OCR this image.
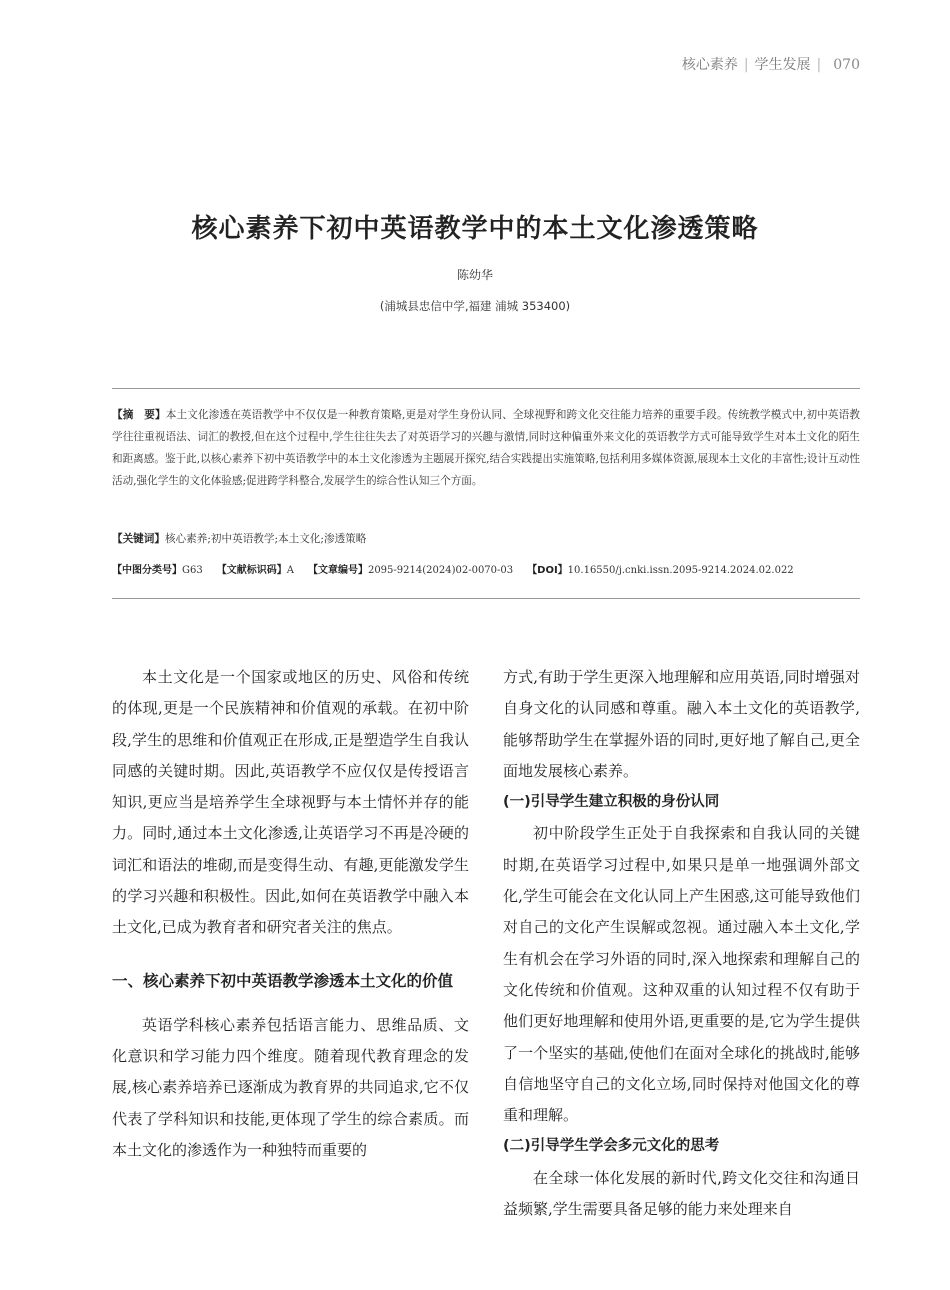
核心素养 | 学生发展 | 070
核心素养下初中英语教学中的本土文化渗透策略
陈幼华
(浦城县忠信中学,福建 浦城 353400)
【摘　要】本土文化渗透在英语教学中不仅仅是一种教育策略,更是对学生身份认同、全球视野和跨文化交往能力培养的重要手段。传统教学模式中,初中英语教学往往重视语法、词汇的教授,但在这个过程中,学生往往失去了对英语学习的兴趣与激情,同时这种偏重外来文化的英语教学方式可能导致学生对本土文化的陌生和距离感。鉴于此,以核心素养下初中英语教学中的本土文化渗透为主题展开探究,结合实践提出实施策略,包括利用多媒体资源,展现本土文化的丰富性;设计互动性活动,强化学生的文化体验感;促进跨学科整合,发展学生的综合性认知三个方面。
【关键词】核心素养;初中英语教学;本土文化;渗透策略
【中图分类号】G63 【文献标识码】A 【文章编号】2095-9214(2024)02-0070-03 【DOI】10.16550/j.cnki.issn.2095-9214.2024.02.022

本土文化是一个国家或地区的历史、风俗和传统的体现,更是一个民族精神和价值观的承载。在初中阶段,学生的思维和价值观正在形成,正是塑造学生自我认同感的关键时期。因此,英语教学不应仅仅是传授语言知识,更应当是培养学生全球视野与本土情怀并存的能力。同时,通过本土文化渗透,让英语学习不再是冷硬的词汇和语法的堆砌,而是变得生动、有趣,更能激发学生的学习兴趣和积极性。因此,如何在英语教学中融入本土文化,已成为教育者和研究者关注的焦点。

一、核心素养下初中英语教学渗透本土文化的价值

英语学科核心素养包括语言能力、思维品质、文化意识和学习能力四个维度。随着现代教育理念的发展,核心素养培养已逐渐成为教育界的共同追求,它不仅代表了学科知识和技能,更体现了学生的综合素质。而本土文化的渗透作为一种独特而重要的

方式,有助于学生更深入地理解和应用英语,同时增强对自身文化的认同感和尊重。融入本土文化的英语教学,能够帮助学生在掌握外语的同时,更好地了解自己,更全面地发展核心素养。

(一)引导学生建立积极的身份认同

初中阶段学生正处于自我探索和自我认同的关键时期,在英语学习过程中,如果只是单一地强调外部文化,学生可能会在文化认同上产生困惑,这可能导致他们对自己的文化产生误解或忽视。通过融入本土文化,学生有机会在学习外语的同时,深入地探索和理解自己的文化传统和价值观。这种双重的认知过程不仅有助于他们更好地理解和使用外语,更重要的是,它为学生提供了一个坚实的基础,使他们在面对全球化的挑战时,能够自信地坚守自己的文化立场,同时保持对他国文化的尊重和理解。

(二)引导学生学会多元文化的思考

在全球一体化发展的新时代,跨文化交往和沟通日益频繁,学生需要具备足够的能力来处理来自
